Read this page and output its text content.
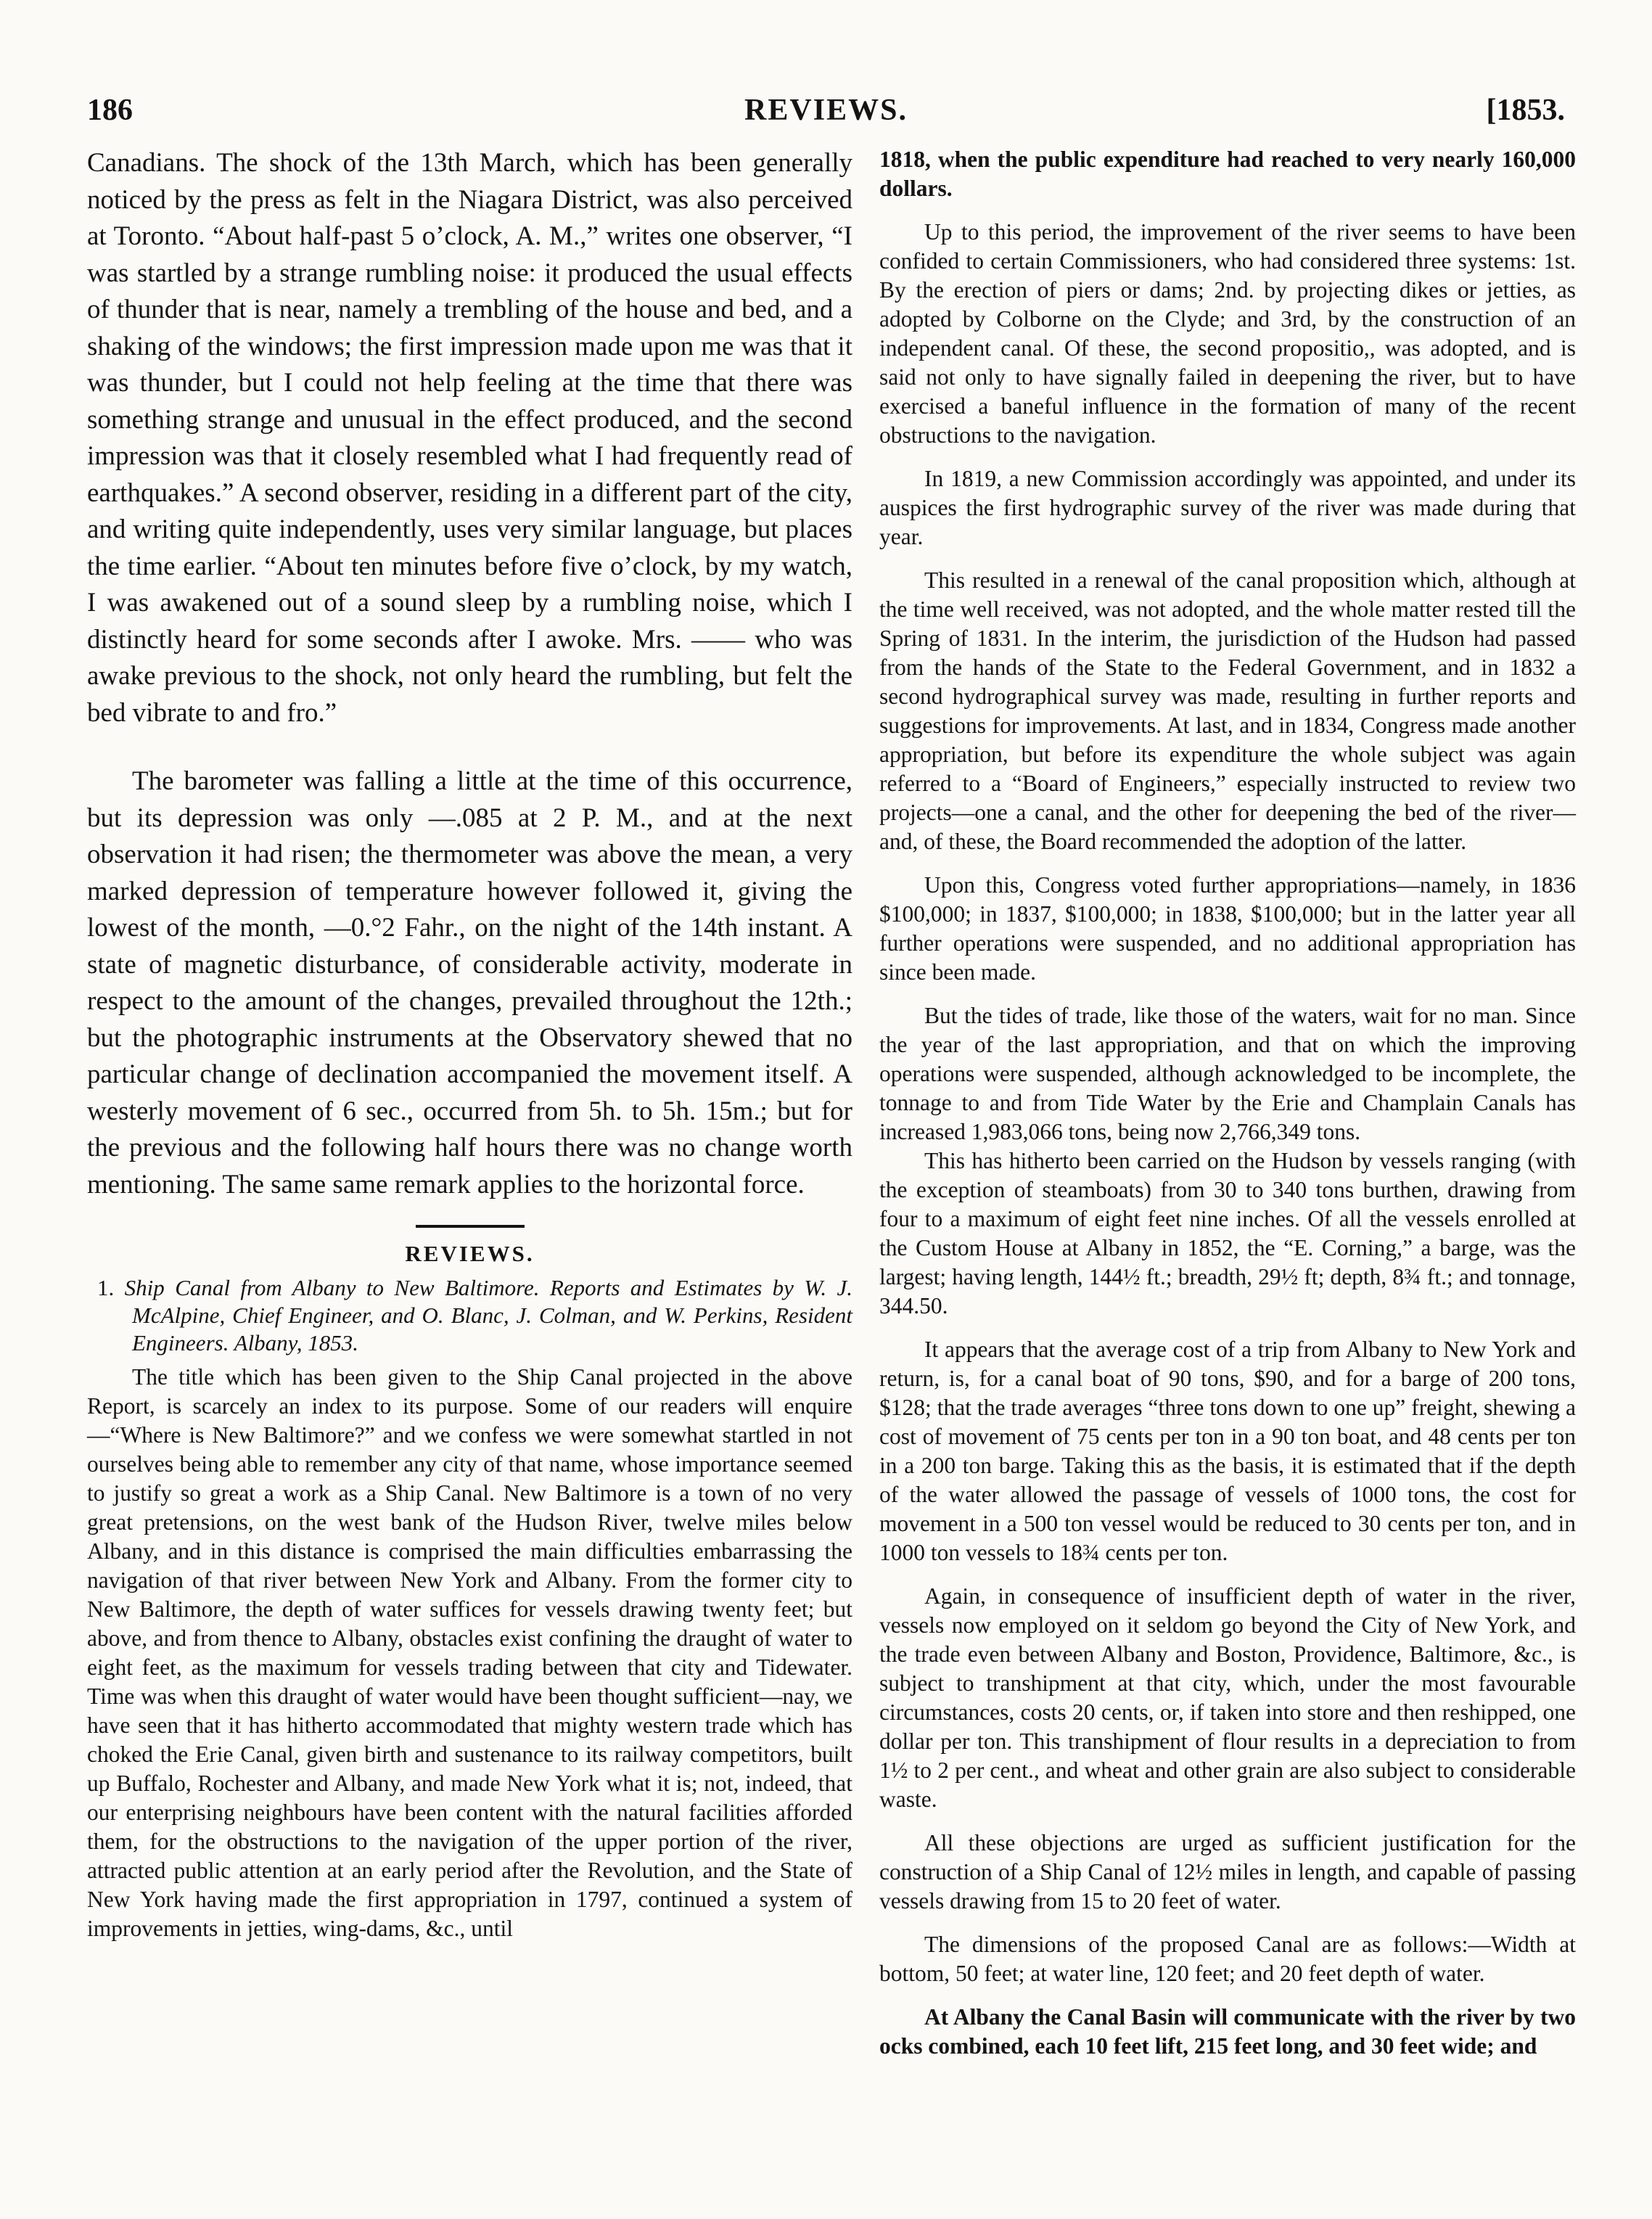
186	REVIEWS.	[1853.

Canadians. The shock of the 13th March, which has been generally noticed by the press as felt in the Niagara District, was also perceived at Toronto. “About half-past 5 o’clock, A. M.,” writes one observer, “I was startled by a strange rumbling noise: it produced the usual effects of thunder that is near, namely a trembling of the house and bed, and a shaking of the windows; the first impression made upon me was that it was thunder, but I could not help feeling at the time that there was something strange and unusual in the effect produced, and the second impression was that it closely resembled what I had frequently read of earthquakes.” A second observer, residing in a different part of the city, and writing quite independently, uses very similar language, but places the time earlier. “About ten minutes before five o’clock, by my watch, I was awakened out of a sound sleep by a rumbling noise, which I distinctly heard for some seconds after I awoke. Mrs. —— who was awake previous to the shock, not only heard the rumbling, but felt the bed vibrate to and fro.”

The barometer was falling a little at the time of this occurrence, but its depression was only —.085 at 2 P. M., and at the next observation it had risen; the thermometer was above the mean, a very marked depression of temperature however followed it, giving the lowest of the month, —0.°2 Fahr., on the night of the 14th instant. A state of magnetic disturbance, of considerable activity, moderate in respect to the amount of the changes, prevailed throughout the 12th.; but the photographic instruments at the Observatory shewed that no particular change of declination accompanied the movement itself. A westerly movement of 6 sec., occurred from 5h. to 5h. 15m.; but for the previous and the following half hours there was no change worth mentioning. The same same remark applies to the horizontal force.

REVIEWS.

1. Ship Canal from Albany to New Baltimore. Reports and Estimates by W. J. McAlpine, Chief Engineer, and O. Blanc, J. Colman, and W. Perkins, Resident Engineers. Albany, 1853.

The title which has been given to the Ship Canal projected in the above Report, is scarcely an index to its purpose. Some of our readers will enquire—“Where is New Baltimore?” and we confess we were somewhat startled in not ourselves being able to remember any city of that name, whose importance seemed to justify so great a work as a Ship Canal. New Baltimore is a town of no very great pretensions, on the west bank of the Hudson River, twelve miles below Albany, and in this distance is comprised the main difficulties embarrassing the navigation of that river between New York and Albany. From the former city to New Baltimore, the depth of water suffices for vessels drawing twenty feet; but above, and from thence to Albany, obstacles exist confining the draught of water to eight feet, as the maximum for vessels trading between that city and Tidewater. Time was when this draught of water would have been thought sufficient—nay, we have seen that it has hitherto accommodated that mighty western trade which has choked the Erie Canal, given birth and sustenance to its railway competitors, built up Buffalo, Rochester and Albany, and made New York what it is; not, indeed, that our enterprising neighbours have been content with the natural facilities afforded them, for the obstructions to the navigation of the upper portion of the river, attracted public attention at an early period after the Revolution, and the State of New York having made the first appropriation in 1797, continued a system of improvements in jetties, wing-dams, &c., until

1818, when the public expenditure had reached to very nearly 160,000 dollars.

Up to this period, the improvement of the river seems to have been confided to certain Commissioners, who had considered three systems: 1st. By the erection of piers or dams; 2nd. by projecting dikes or jetties, as adopted by Colborne on the Clyde; and 3rd, by the construction of an independent canal. Of these, the second propositio,, was adopted, and is said not only to have signally failed in deepening the river, but to have exercised a baneful influence in the formation of many of the recent obstructions to the navigation.

In 1819, a new Commission accordingly was appointed, and under its auspices the first hydrographic survey of the river was made during that year.

This resulted in a renewal of the canal proposition which, although at the time well received, was not adopted, and the whole matter rested till the Spring of 1831. In the interim, the jurisdiction of the Hudson had passed from the hands of the State to the Federal Government, and in 1832 a second hydrographical survey was made, resulting in further reports and suggestions for improvements. At last, and in 1834, Congress made another appropriation, but before its expenditure the whole subject was again referred to a “Board of Engineers,” especially instructed to review two projects—one a canal, and the other for deepening the bed of the river—and, of these, the Board recommended the adoption of the latter.

Upon this, Congress voted further appropriations—namely, in 1836 $100,000; in 1837, $100,000; in 1838, $100,000; but in the latter year all further operations were suspended, and no additional appropriation has since been made.

But the tides of trade, like those of the waters, wait for no man. Since the year of the last appropriation, and that on which the improving operations were suspended, although acknowledged to be incomplete, the tonnage to and from Tide Water by the Erie and Champlain Canals has increased 1,983,066 tons, being now 2,766,349 tons.

This has hitherto been carried on the Hudson by vessels ranging (with the exception of steamboats) from 30 to 340 tons burthen, drawing from four to a maximum of eight feet nine inches. Of all the vessels enrolled at the Custom House at Albany in 1852, the “E. Corning,” a barge, was the largest; having length, 144½ ft.; breadth, 29½ ft; depth, 8¾ ft.; and tonnage, 344.50.

It appears that the average cost of a trip from Albany to New York and return, is, for a canal boat of 90 tons, $90, and for a barge of 200 tons, $128; that the trade averages “three tons down to one up” freight, shewing a cost of movement of 75 cents per ton in a 90 ton boat, and 48 cents per ton in a 200 ton barge. Taking this as the basis, it is estimated that if the depth of the water allowed the passage of vessels of 1000 tons, the cost for movement in a 500 ton vessel would be reduced to 30 cents per ton, and in 1000 ton vessels to 18¾ cents per ton.

Again, in consequence of insufficient depth of water in the river, vessels now employed on it seldom go beyond the City of New York, and the trade even between Albany and Boston, Providence, Baltimore, &c., is subject to transhipment at that city, which, under the most favourable circumstances, costs 20 cents, or, if taken into store and then reshipped, one dollar per ton. This transhipment of flour results in a depreciation to from 1½ to 2 per cent., and wheat and other grain are also subject to considerable waste.

All these objections are urged as sufficient justification for the construction of a Ship Canal of 12½ miles in length, and capable of passing vessels drawing from 15 to 20 feet of water.

The dimensions of the proposed Canal are as follows:—Width at bottom, 50 feet; at water line, 120 feet; and 20 feet depth of water.

At Albany the Canal Basin will communicate with the river by two ocks combined, each 10 feet lift, 215 feet long, and 30 feet wide; and
